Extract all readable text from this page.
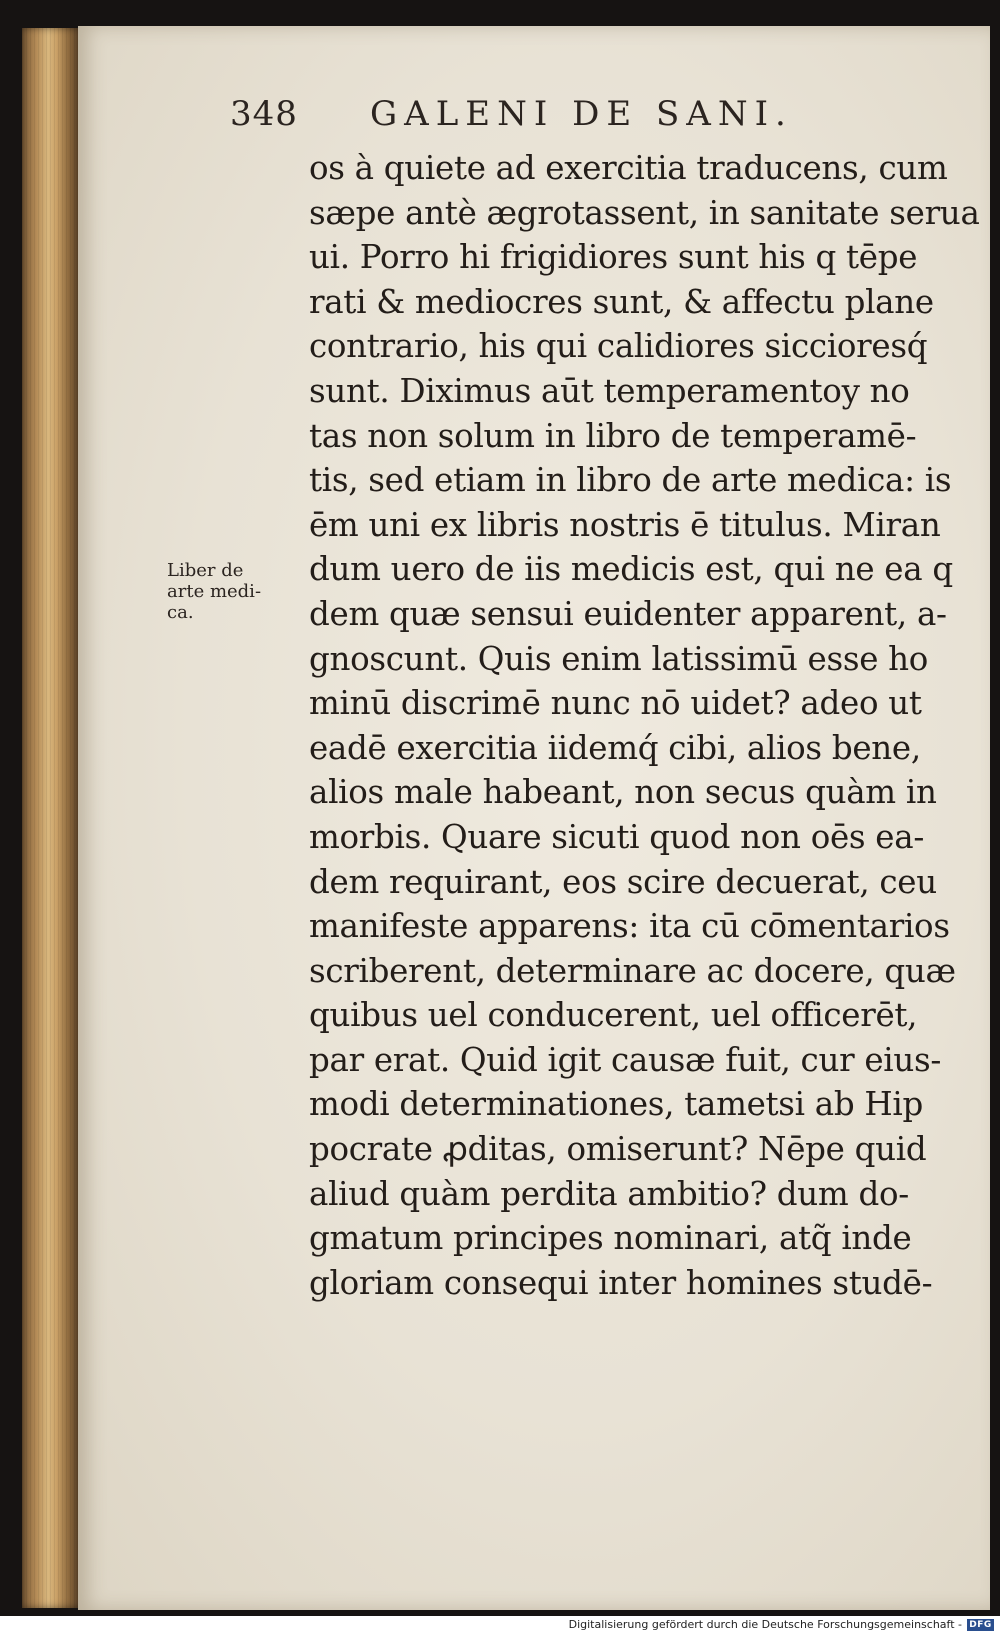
348 GALENI DE SANI.
Liber de
arte medi-
ca.
os à quiete ad exercitia traducens, cum
sæpe antè ægrotassent, in sanitate serua
ui. Porro hi frigidiores sunt his q tēpe
rati & mediocres sunt, & affectu plane
contrario, his qui calidiores siccioresq́
sunt. Diximus aūt temperamentoy no
tas non solum in libro de temperamē-
tis, sed etiam in libro de arte medica: is
ēm uni ex libris nostris ē titulus. Miran
dum uero de iis medicis est, qui ne ea q
dem quæ sensui euidenter apparent, a-
gnoscunt. Quis enim latissimū esse ho
minū discrimē nunc nō uidet? adeo ut
eadē exercitia iidemq́ cibi, alios bene,
alios male habeant, non secus quàm in
morbis. Quare sicuti quod non oēs ea-
dem requirant, eos scire decuerat, ceu
manifeste apparens: ita cū cōmentarios
scriberent, determinare ac docere, quæ
quibus uel conducerent, uel officerēt,
par erat. Quid igit causæ fuit, cur eius-
modi determinationes, tametsi ab Hip
pocrate ꝓditas, omiserunt? Nēpe quid
aliud quàm perdita ambitio? dum do-
gmatum principes nominari, atq̃ inde
gloriam consequi inter homines studē-
Digitalisierung gefördert durch die Deutsche Forschungsgemeinschaft - DFG
